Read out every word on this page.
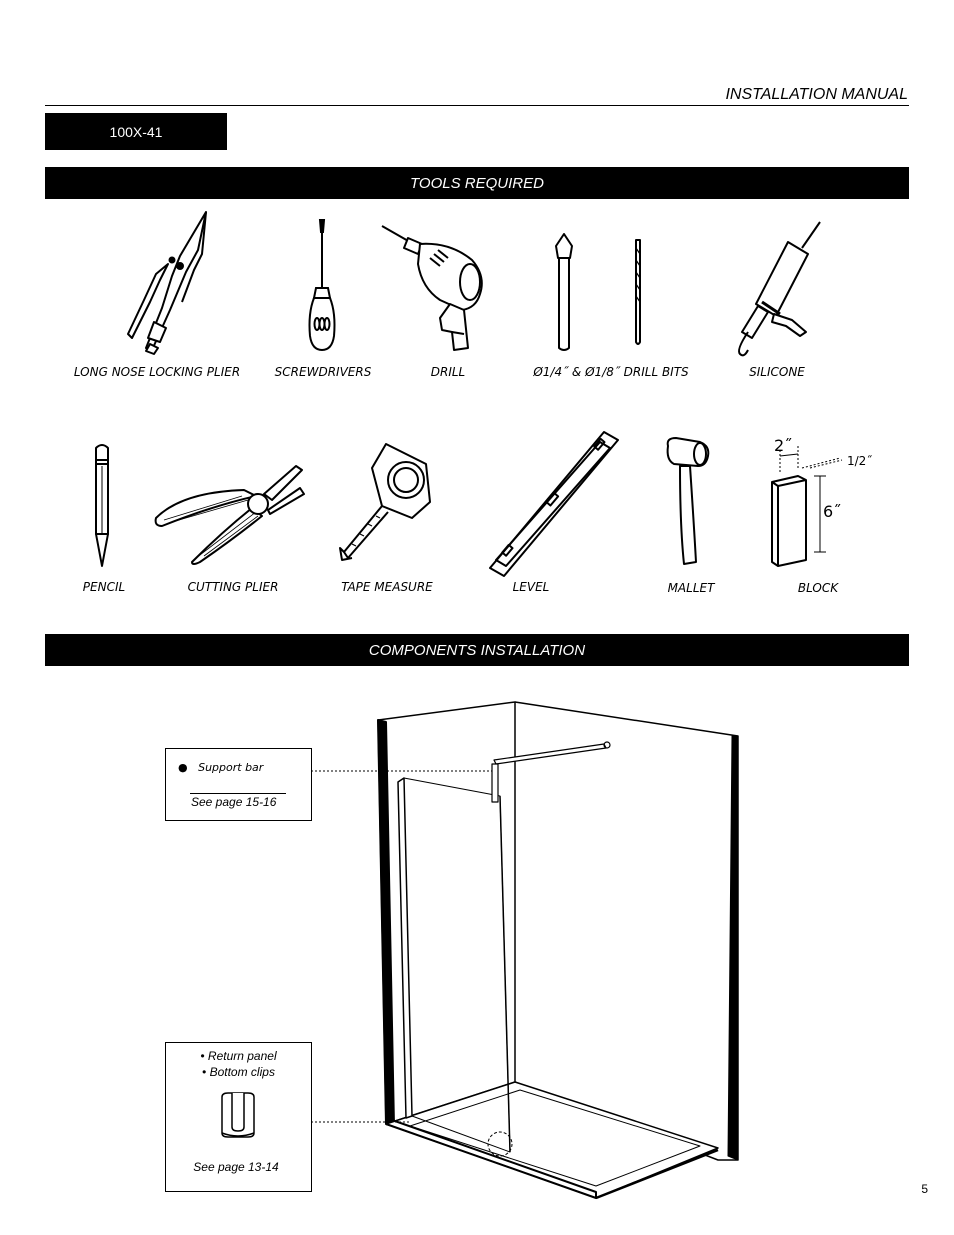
INSTALLATION MANUAL
100X-41
TOOLS REQUIRED
LONG NOSE LOCKING PLIER	SCREWDRIVERS	DRILL	Ø1/4˝ & Ø1/8˝ DRILL BITS	SILICONE
2˝
1/2˝
6˝
PENCIL	CUTTING PLIER	TAPE MEASURE	LEVEL	MALLET	BLOCK
COMPONENTS INSTALLATION
●   Support bar
See page 15-16
• Return panel
• Bottom clips
See page 13-14
5
